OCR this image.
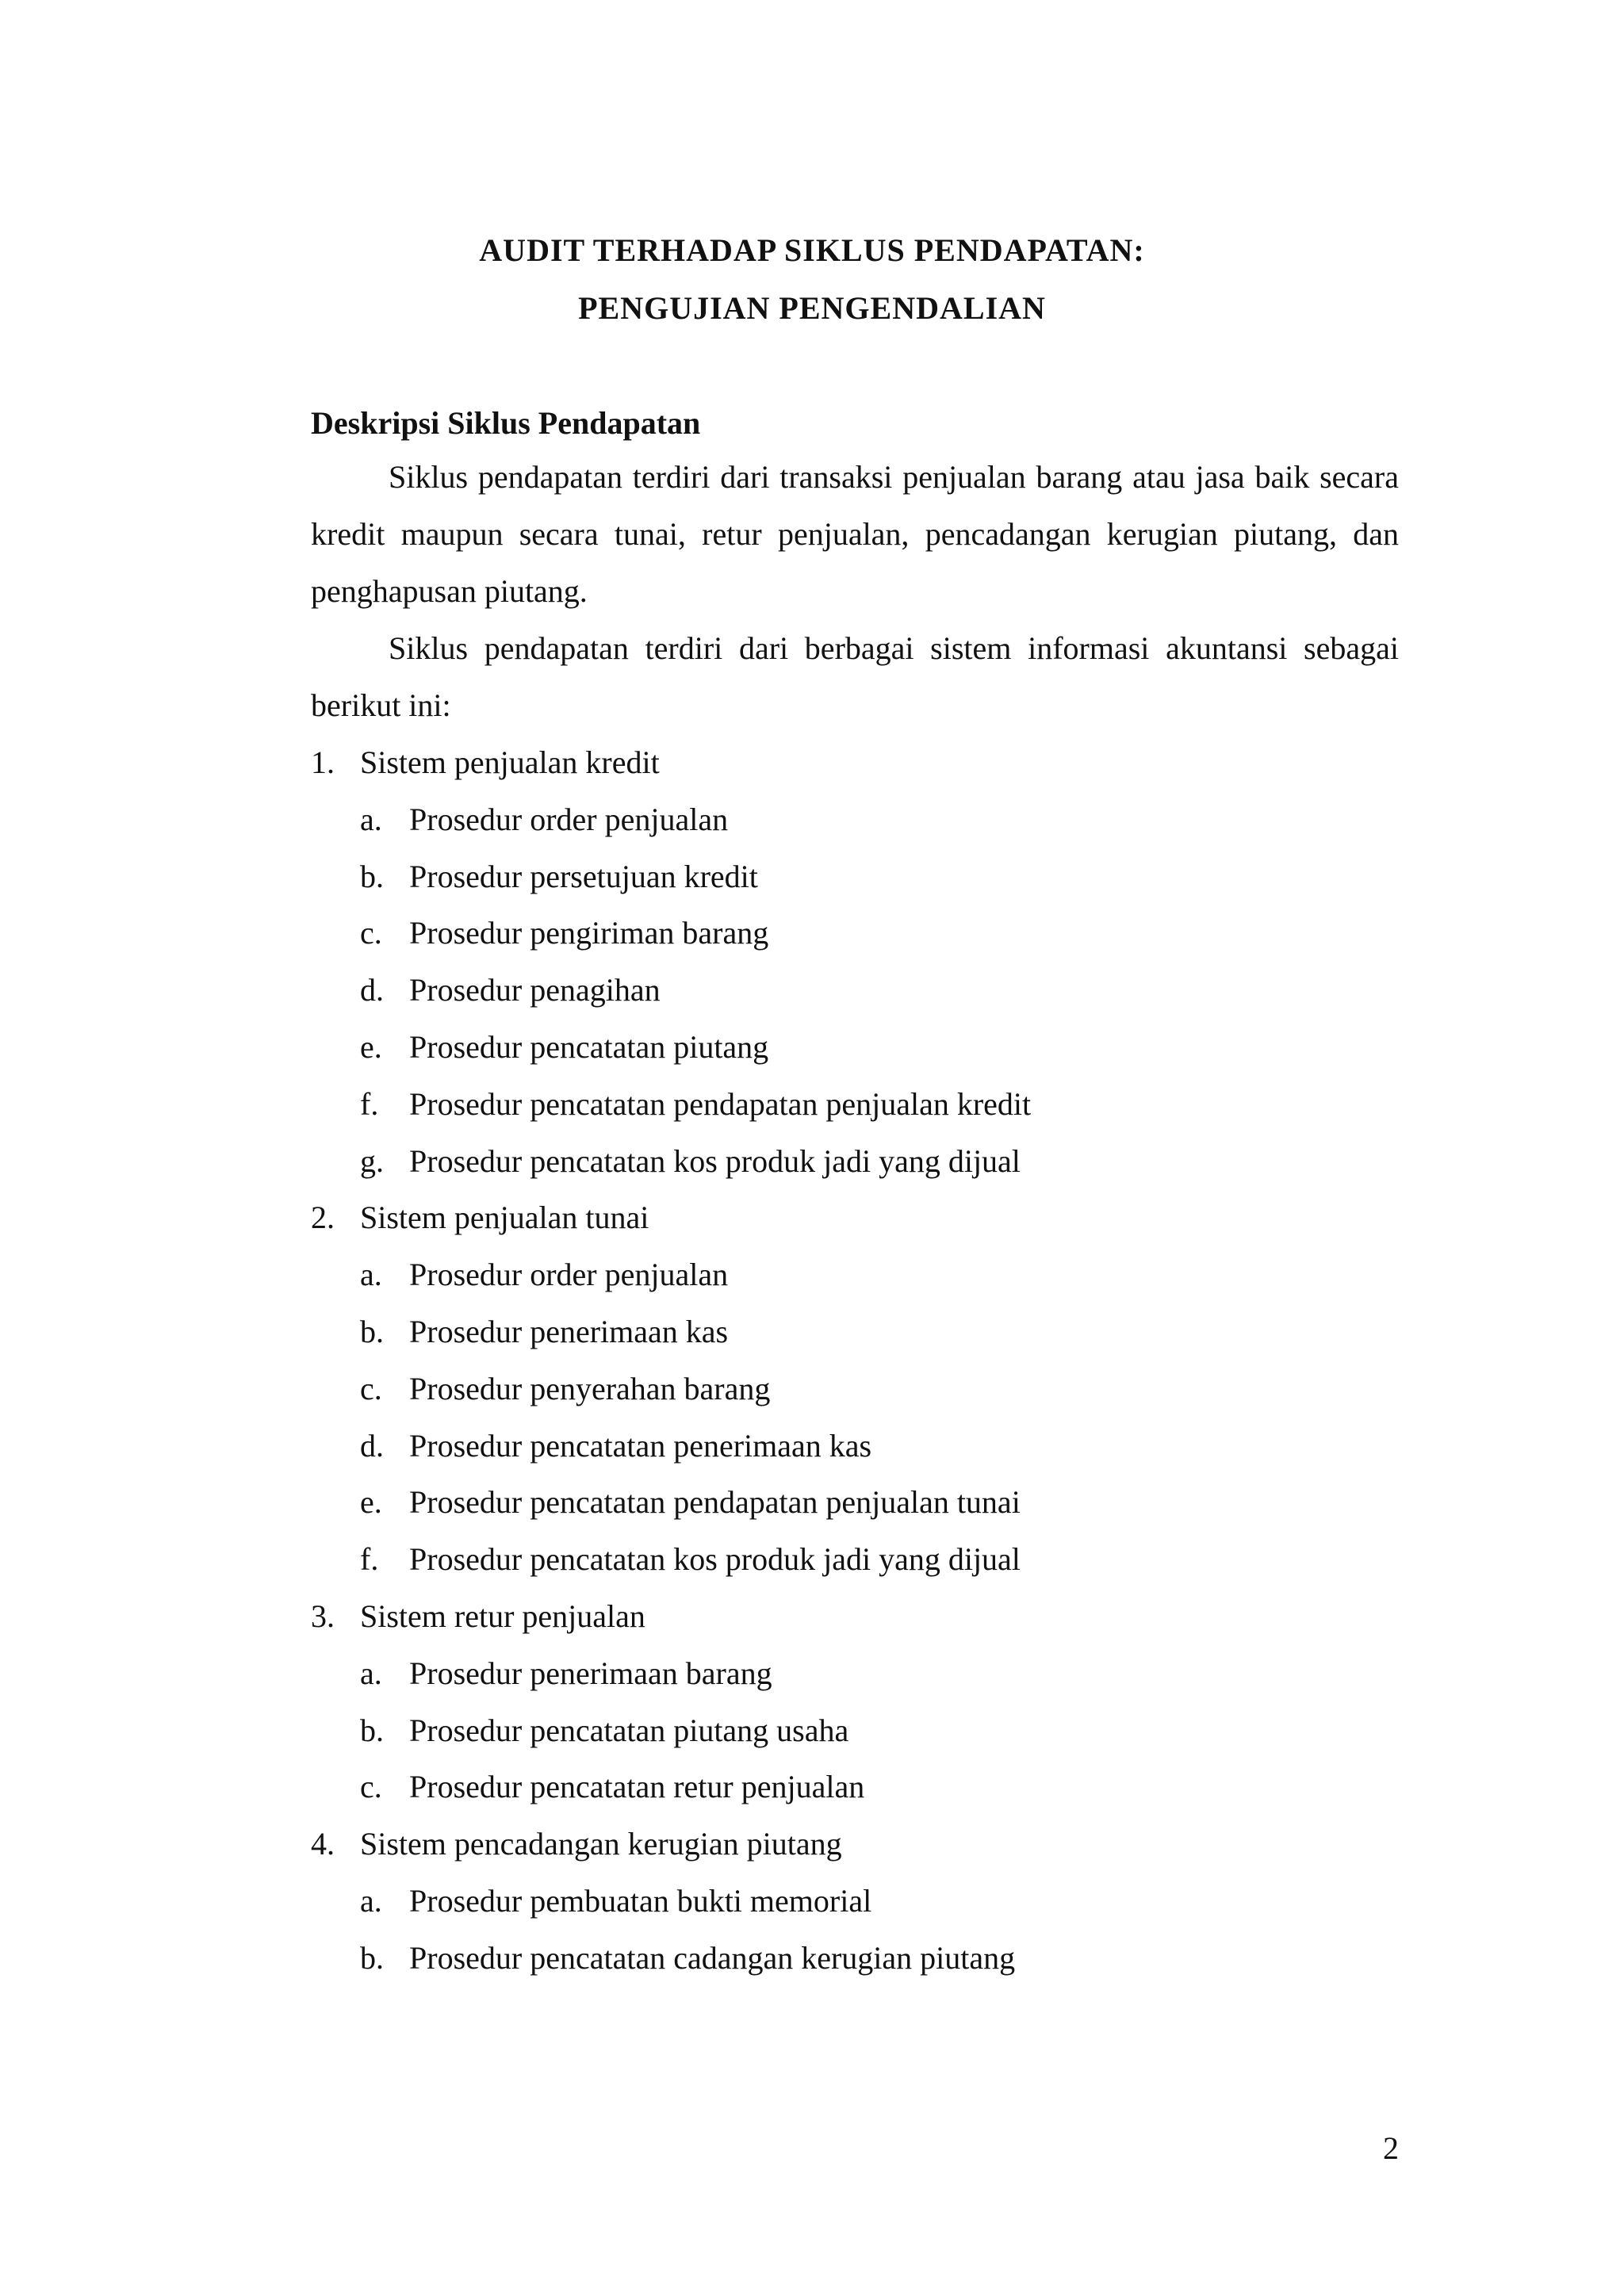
AUDIT TERHADAP SIKLUS PENDAPATAN:
PENGUJIAN PENGENDALIAN
Deskripsi Siklus Pendapatan

Siklus pendapatan terdiri dari transaksi penjualan barang atau jasa baik secara kredit maupun secara tunai, retur penjualan, pencadangan kerugian piutang, dan penghapusan piutang.

Siklus pendapatan terdiri dari berbagai sistem informasi akuntansi sebagai berikut ini:

1. Sistem penjualan kredit
a. Prosedur order penjualan
b. Prosedur persetujuan kredit
c. Prosedur pengiriman barang
d. Prosedur penagihan
e. Prosedur pencatatan piutang
f. Prosedur pencatatan pendapatan penjualan kredit
g. Prosedur pencatatan kos produk jadi yang dijual
2. Sistem penjualan tunai
a. Prosedur order penjualan
b. Prosedur penerimaan kas
c. Prosedur penyerahan barang
d. Prosedur pencatatan penerimaan kas
e. Prosedur pencatatan pendapatan penjualan tunai
f. Prosedur pencatatan kos produk jadi yang dijual
3. Sistem retur penjualan
a. Prosedur penerimaan barang
b. Prosedur pencatatan piutang usaha
c. Prosedur pencatatan retur penjualan
4. Sistem pencadangan kerugian piutang
a. Prosedur pembuatan bukti memorial
b. Prosedur pencatatan cadangan kerugian piutang
2
